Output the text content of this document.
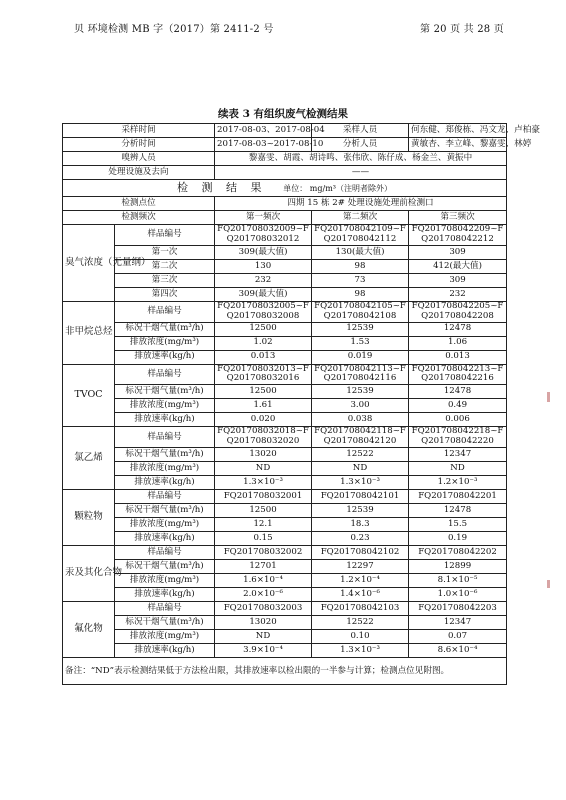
贝 环境检测 MB 字（2017）第 2411-2 号	第 20 页 共 28 页
续表 3 有组织废气检测结果
采样时间		2017-08-03、2017-08-04	采样人员	何东健、郑俊栋、冯文龙、卢柏豪
分析时间		2017-08-03~2017-08-10	分析人员	黄敏杏、李立峰、黎嘉雯、林婷
嗅辨人员		黎嘉雯、胡霞、胡诗鸣、张伟欣、陈仔成、杨金兰、黄振中		
处理设施及去向		——		
检 测 结 果 单位： mg/m³（注明者除外）				
检测点位		四期 15 栋 2# 处理设施处理前检测口		
检测频次		第一频次	第二频次	第三频次
臭气浓度（无量纲）	样品编号	FQ201708032009~F
Q201708032012	FQ201708042109~F
Q201708042112	FQ201708042209~F
Q201708042212
	第一次	309(最大值)	130(最大值)	309
	第二次	130	98	412(最大值)
	第三次	232	73	309
	第四次	309(最大值)	98	232
非甲烷总烃	样品编号	FQ201708032005~F
Q201708032008	FQ201708042105~F
Q201708042108	FQ201708042205~F
Q201708042208
	标况干烟气量(m³/h)	12500	12539	12478
	排放浓度(mg/m³)	1.02	1.53	1.06
	排放速率(kg/h)	0.013	0.019	0.013
TVOC	样品编号	FQ201708032013~F
Q201708032016	FQ201708042113~F
Q201708042116	FQ201708042213~F
Q201708042216
	标况干烟气量(m³/h)	12500	12539	12478
	排放浓度(mg/m³)	1.61	3.00	0.49
	排放速率(kg/h)	0.020	0.038	0.006
氯乙烯	样品编号	FQ201708032018~F
Q201708032020	FQ201708042118~F
Q201708042120	FQ201708042218~F
Q201708042220
	标况干烟气量(m³/h)	13020	12522	12347
	排放浓度(mg/m³)	ND	ND	ND
	排放速率(kg/h)	1.3×10⁻³	1.3×10⁻³	1.2×10⁻³
颗粒物	样品编号	FQ201708032001	FQ201708042101	FQ201708042201
	标况干烟气量(m³/h)	12500	12539	12478
	排放浓度(mg/m³)	12.1	18.3	15.5
	排放速率(kg/h)	0.15	0.23	0.19
汞及其化合物	样品编号	FQ201708032002	FQ201708042102	FQ201708042202
	标况干烟气量(m³/h)	12701	12297	12899
	排放浓度(mg/m³)	1.6×10⁻⁴	1.2×10⁻⁴	8.1×10⁻⁵
	排放速率(kg/h)	2.0×10⁻⁶	1.4×10⁻⁶	1.0×10⁻⁶
氟化物	样品编号	FQ201708032003	FQ201708042103	FQ201708042203
	标况干烟气量(m³/h)	13020	12522	12347
	排放浓度(mg/m³)	ND	0.10	0.07
	排放速率(kg/h)	3.9×10⁻⁴	1.3×10⁻³	8.6×10⁻⁴
备注：“ND”表示检测结果低于方法检出限，其排放速率以检出限的一半参与计算；检测点位见附图。				
